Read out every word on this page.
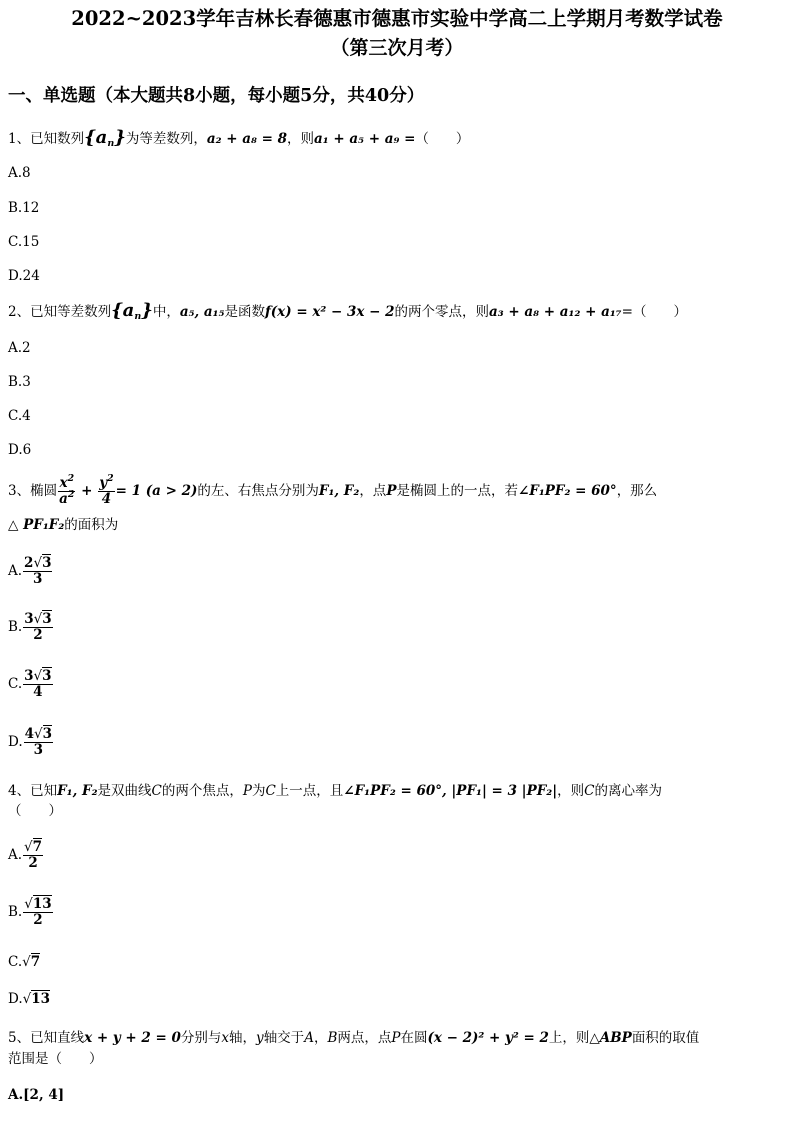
2022~2023学年吉林长春德惠市德惠市实验中学高二上学期月考数学试卷
（第三次月考）
一、单选题（本大题共8小题，每小题5分，共40分）
1、已知数列$\{a_n\}$为等差数列，a₂ + a₈ = 8，则a₁ + a₅ + a₉ =（　　）
A.8
B.12
C.15
D.24
2、已知等差数列$\{a_n\}$中，a₅, a₁₅是函数f(x) = x² − 3x − 2的两个零点，则a₃ + a₈ + a₁₂ + a₁₇=（　　）
A.2
B.3
C.4
D.6
3、椭圆 $\frac{x^2}{a^2} + \frac{y^2}{4} = 1$ (a > 2)的左、右焦点分别为F₁, F₂，点P是椭圆上的一点，若∠F₁PF₂ = 60°，那么
△ PF₁F₂的面积为
A. $\frac{2√3}{3}$
B. $\frac{3√3}{2}$
C. $\frac{3√3}{4}$
D. $\frac{4√3}{3}$
4、已知F₁, F₂是双曲线C的两个焦点，P为C上一点，且∠F₁PF₂ = 60°, |PF₁| = 3 |PF₂|，则C的离心率为
（　　）
A. $\frac{√7}{2}$
B. $\frac{√13}{2}$
C.√7
D.√13
5、已知直线x + y + 2 = 0分别与x轴，y轴交于A，B两点，点P在圆(x − 2)² + y² = 2上，则△ABP面积的取值
范围是（　　）
A.[2, 4]
